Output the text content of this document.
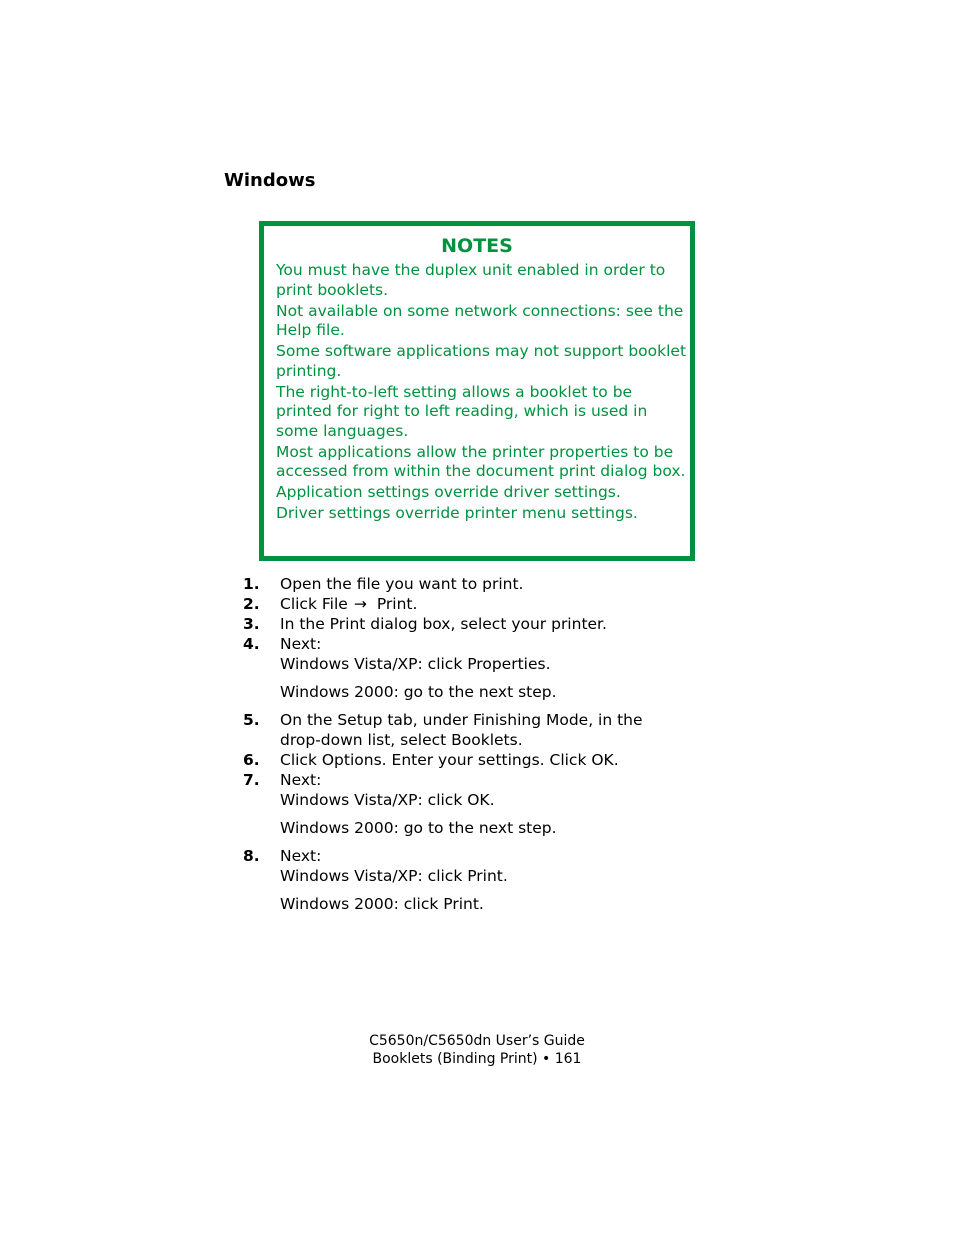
Windows
NOTES

You must have the duplex unit enabled in order to print booklets.

Not available on some network connections: see the Help file.

Some software applications may not support booklet printing.

The right-to-left setting allows a booklet to be printed for right to left reading, which is used in some languages.

Most applications allow the printer properties to be accessed from within the document print dialog box.

Application settings override driver settings.

Driver settings override printer menu settings.

1.	Open the file you want to print.

2.	Click File → Print.

3.	In the Print dialog box, select your printer.

4.	Next:

Windows Vista/XP: click Properties.

Windows 2000: go to the next step.

5.	On the Setup tab, under Finishing Mode, in the drop-down list, select Booklets.

6.	Click Options. Enter your settings. Click OK.

7.	Next:

Windows Vista/XP: click OK.

Windows 2000: go to the next step.

8.	Next:

Windows Vista/XP: click Print.

Windows 2000: click Print.

C5650n/C5650dn User’s Guide

Booklets (Binding Print) • 161
